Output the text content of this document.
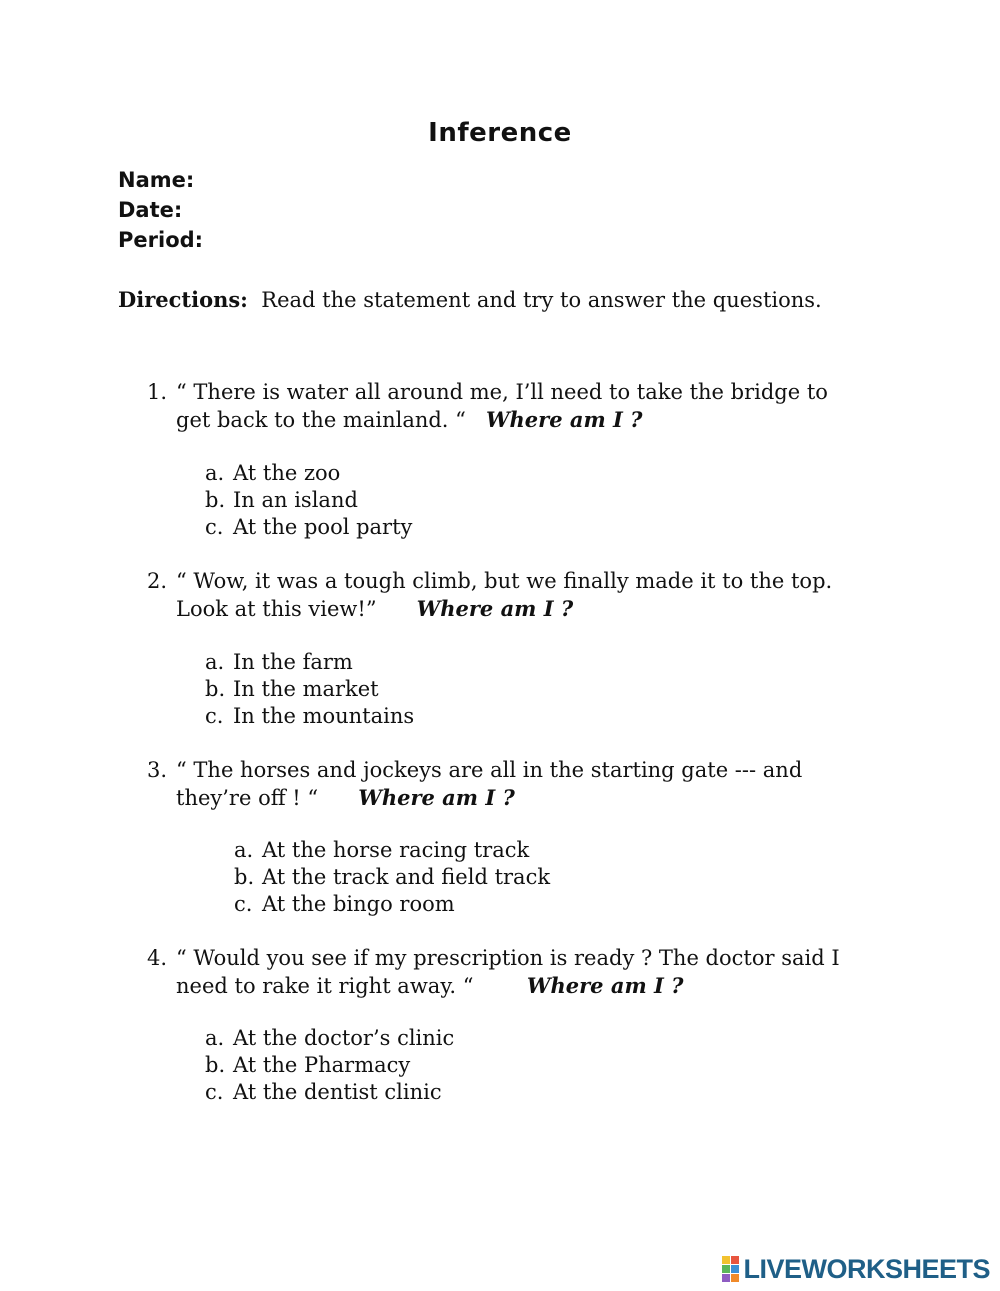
Inference
Name:
Date:
Period:
Directions: Read the statement and try to answer the questions.
1. “ There is water all around me, I’ll need to take the bridge to
get back to the mainland. “ Where am I ?
a. At the zoo
b. In an island
c. At the pool party
2. “ Wow, it was a tough climb, but we finally made it to the top.
Look at this view!” Where am I ?
a. In the farm
b. In the market
c. In the mountains
3. “ The horses and jockeys are all in the starting gate --- and
they’re off ! “ Where am I ?
a. At the horse racing track
b. At the track and field track
c. At the bingo room
4. “ Would you see if my prescription is ready ? The doctor said I
need to rake it right away. “	Where am I ?
a. At the doctor’s clinic
b. At the Pharmacy
c. At the dentist clinic
LIVEWORKSHEETS
